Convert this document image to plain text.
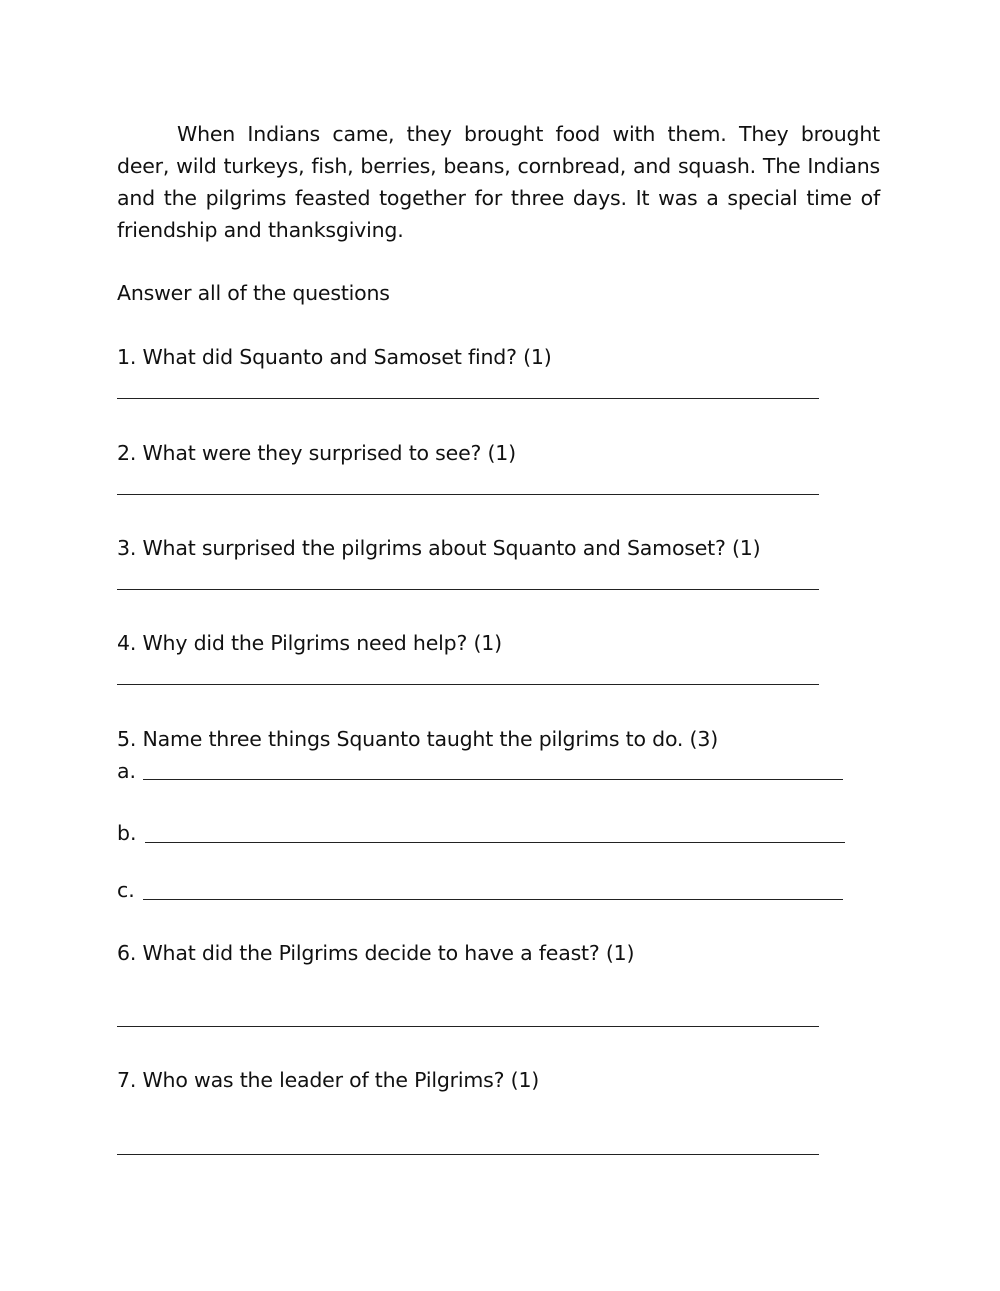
When Indians came, they brought food with them. They brought deer, wild turkeys, fish, berries, beans, cornbread, and squash. The Indians and the pilgrims feasted together for three days. It was a special time of friendship and thanksgiving.

Answer all of the questions
1. What did Squanto and Samoset find? (1)
2. What were they surprised to see? (1)
3. What surprised the pilgrims about Squanto and Samoset? (1)
4. Why did the Pilgrims need help? (1)
5. Name three things Squanto taught the pilgrims to do. (3)
a.
b.
c.
6. What did the Pilgrims decide to have a feast? (1)
7. Who was the leader of the Pilgrims? (1)
